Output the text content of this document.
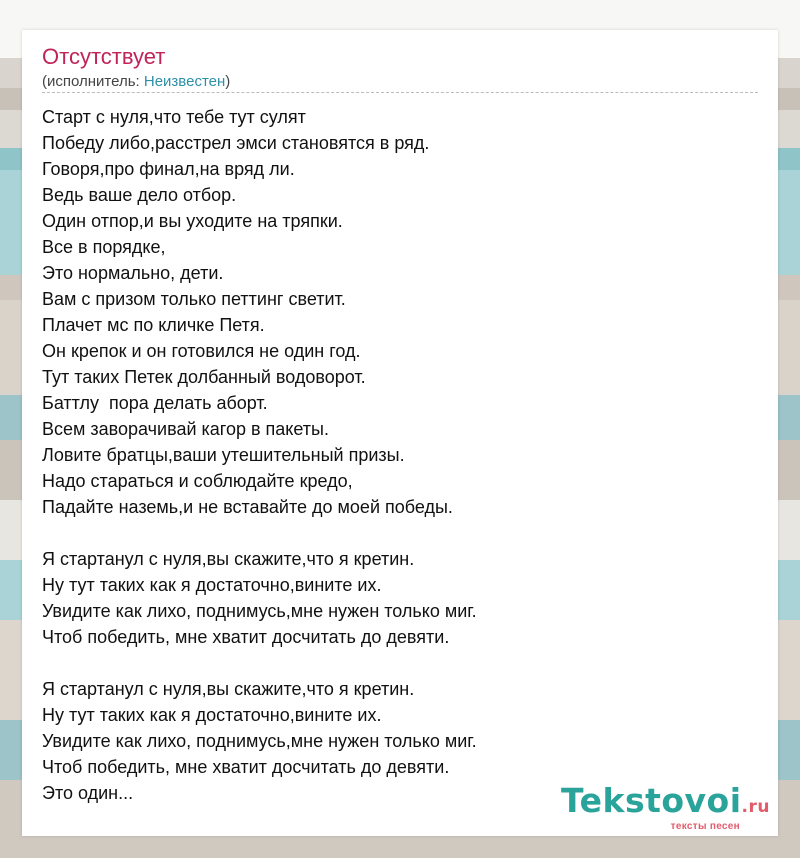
Отсутствует
(исполнитель: Неизвестен)
Старт с нуля,что тебе тут сулят
Победу либо,расстрел эмси становятся в ряд.
Говоря,про финал,на вряд ли.
Ведь ваше дело отбор.
Один отпор,и вы уходите на тряпки.
Все в порядке,
Это нормально, дети.
Вам с призом только петтинг светит.
Плачет мс по кличке Петя.
Он крепок и он готовился не один год.
Тут таких Петек долбанный водоворот.
Баттлу  пора делать аборт.
Всем заворачивай кагор в пакеты.
Ловите братцы,ваши утешительный призы.
Надо стараться и соблюдайте кредо,
Падайте наземь,и не вставайте до моей победы.

Я стартанул с нуля,вы скажите,что я кретин.
Ну тут таких как я достаточно,вините их.
Увидите как лихо, поднимусь,мне нужен только миг.
Чтоб победить, мне хватит досчитать до девяти.

Я стартанул с нуля,вы скажите,что я кретин.
Ну тут таких как я достаточно,вините их.
Увидите как лихо, поднимусь,мне нужен только миг.
Чтоб победить, мне хватит досчитать до девяти.
Это один...	Tekstovoi.ru
тексты песен
